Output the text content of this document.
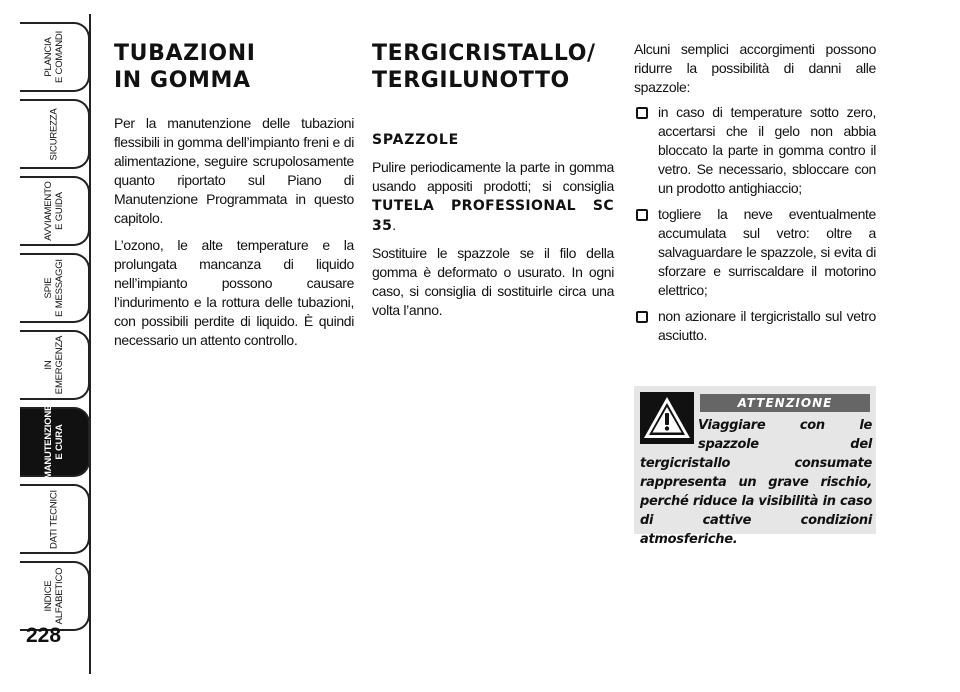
PLANCIA
E COMANDI
SICUREZZA
AVVIAMENTO
E GUIDA
SPIE
E MESSAGGI
IN EMERGENZA
MANUTENZIONE
E CURA
DATI TECNICI
INDICE
ALFABETICO
228
TUBAZIONI
IN GOMMA

Per la manutenzione delle tubazioni flessibili in gomma dell’impianto freni e di alimentazione, seguire scrupolosamente quanto riportato sul Piano di Manutenzione Programmata in questo capitolo.

L’ozono, le alte temperature e la prolungata mancanza di liquido nell’impianto possono causare l’indurimento e la rottura delle tubazioni, con possibili perdite di liquido. È quindi necessario un attento controllo.

TERGICRISTALLO/
TERGILUNOTTO
SPAZZOLE

Pulire periodicamente la parte in gomma usando appositi prodotti; si consiglia TUTELA PROFESSIONAL SC 35.

Sostituire le spazzole se il filo della gomma è deformato o usurato. In ogni caso, si consiglia di sostituirle circa una volta l’anno.

Alcuni semplici accorgimenti possono ridurre la possibilità di danni alle spazzole:

in caso di temperature sotto zero, accertarsi che il gelo non abbia bloccato la parte in gomma contro il vetro. Se necessario, sbloccare con un prodotto antighiaccio;
togliere la neve eventualmente accumulata sul vetro: oltre a salvaguardare le spazzole, si evita di sforzare e surriscaldare il motorino elettrico;
non azionare il tergicristallo sul vetro asciutto.
ATTENZIONE
Viaggiare con le spazzole del tergicristallo consumate rappresenta un grave rischio, perché riduce la visibilità in caso di cattive condizioni atmosferiche.
